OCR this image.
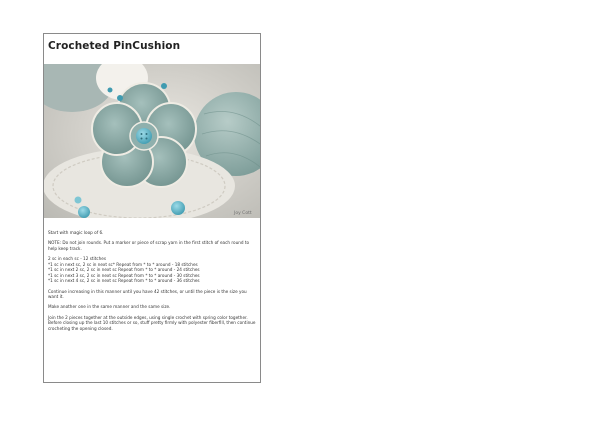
Crocheted PinCushion
Joy Cott

Start with magic loop of 6.

NOTE: Do not join rounds. Put a marker or piece of scrap yarn in the first stitch of each round to help keep track.

2 sc in each sc - 12 stitches
*1 sc in next sc, 2 sc in next sc* Repeat from * to * around - 18 stitches
*1 sc in next 2 sc, 2 sc in next sc Repeat from * to * around - 24 stitches
*1 sc in next 3 sc, 2 sc in next sc Repeat from * to * around - 30 stitches
*1 sc in next 4 sc, 2 sc in next sc Repeat from * to * around - 36 stitches

Continue increasing in this manner until you have 42 stitches, or until the piece is the size you want it.

Make another one in the same manner and the same size.

Join the 2 pieces together at the outside edges, using single crochet with spring color together. Before closing up the last 10 stitches or so, stuff pretty firmly with polyester fiberfill, then continue crocheting the opening closed.
